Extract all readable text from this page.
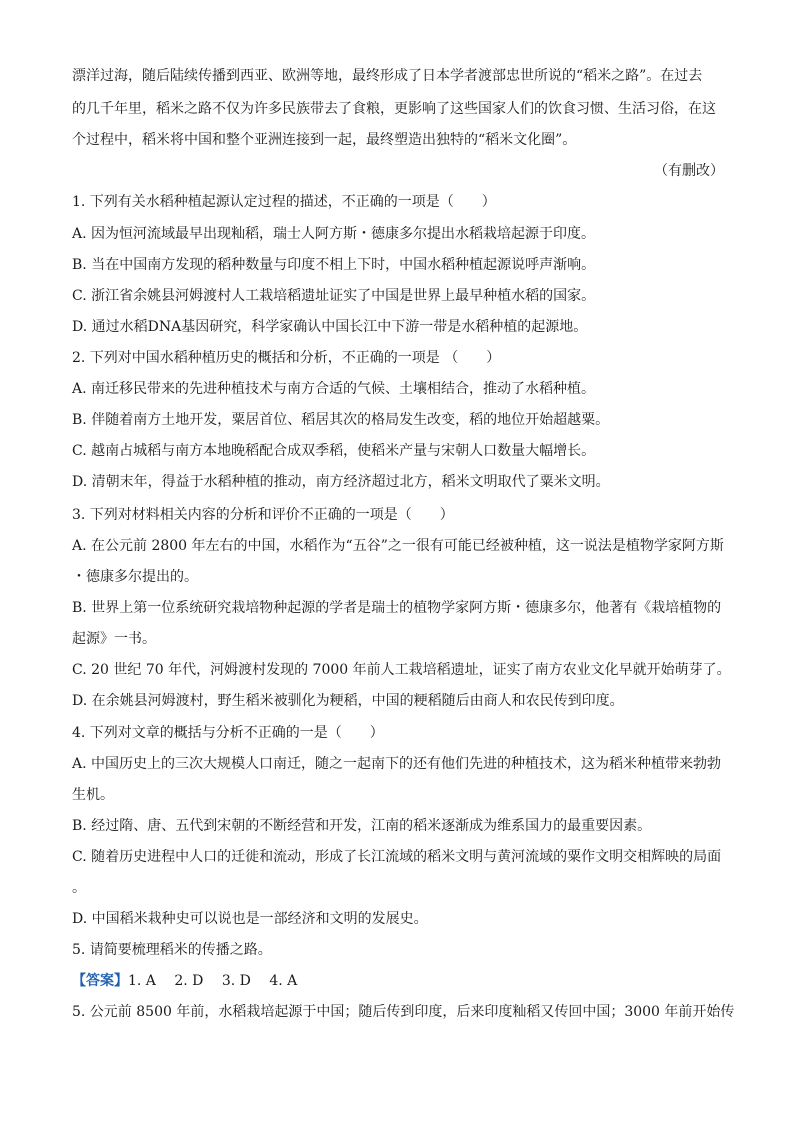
漂洋过海，随后陆续传播到西亚、欧洲等地，最终形成了日本学者渡部忠世所说的“稻米之路”。在过去
的几千年里，稻米之路不仅为许多民族带去了食粮，更影响了这些国家人们的饮食习惯、生活习俗，在这
个过程中，稻米将中国和整个亚洲连接到一起，最终塑造出独特的“稻米文化圈”。
（有删改）
1. 下列有关水稻种植起源认定过程的描述，不正确的一项是（　　）
A. 因为恒河流域最早出现籼稻，瑞士人阿方斯・德康多尔提出水稻栽培起源于印度。
B. 当在中国南方发现的稻种数量与印度不相上下时，中国水稻种植起源说呼声渐响。
C. 浙江省余姚县河姆渡村人工栽培稻遗址证实了中国是世界上最早种植水稻的国家。
D. 通过水稻DNA基因研究，科学家确认中国长江中下游一带是水稻种植的起源地。
2. 下列对中国水稻种植历史的概括和分析，不正确的一项是 （　　）
A. 南迁移民带来的先进种植技术与南方合适的气候、土壤相结合，推动了水稻种植。
B. 伴随着南方土地开发，粟居首位、稻居其次的格局发生改变，稻的地位开始超越粟。
C. 越南占城稻与南方本地晚稻配合成双季稻，使稻米产量与宋朝人口数量大幅增长。
D. 清朝末年，得益于水稻种植的推动，南方经济超过北方，稻米文明取代了粟米文明。
3. 下列对材料相关内容的分析和评价不正确的一项是（　　）
A. 在公元前 2800 年左右的中国，水稻作为“五谷”之一很有可能已经被种植，这一说法是植物学家阿方斯
・德康多尔提出的。
B. 世界上第一位系统研究栽培物种起源的学者是瑞士的植物学家阿方斯・德康多尔，他著有《栽培植物的
起源》一书。
C. 20 世纪 70 年代，河姆渡村发现的 7000 年前人工栽培稻遗址，证实了南方农业文化早就开始萌芽了。
D. 在余姚县河姆渡村，野生稻米被驯化为粳稻，中国的粳稻随后由商人和农民传到印度。
4. 下列对文章的概括与分析不正确的一是（　　）
A. 中国历史上的三次大规模人口南迁，随之一起南下的还有他们先进的种植技术，这为稻米种植带来勃勃
生机。
B. 经过隋、唐、五代到宋朝的不断经营和开发，江南的稻米逐渐成为维系国力的最重要因素。
C. 随着历史进程中人口的迁徙和流动，形成了长江流域的稻米文明与黄河流域的粟作文明交相辉映的局面
。
D. 中国稻米栽种史可以说也是一部经济和文明的发展史。
5. 请简要梳理稻米的传播之路。
【答案】1. A　 2. D　 3. D　 4. A
5. 公元前 8500 年前，水稻栽培起源于中国；随后传到印度，后来印度籼稻又传回中国；3000 年前开始传
